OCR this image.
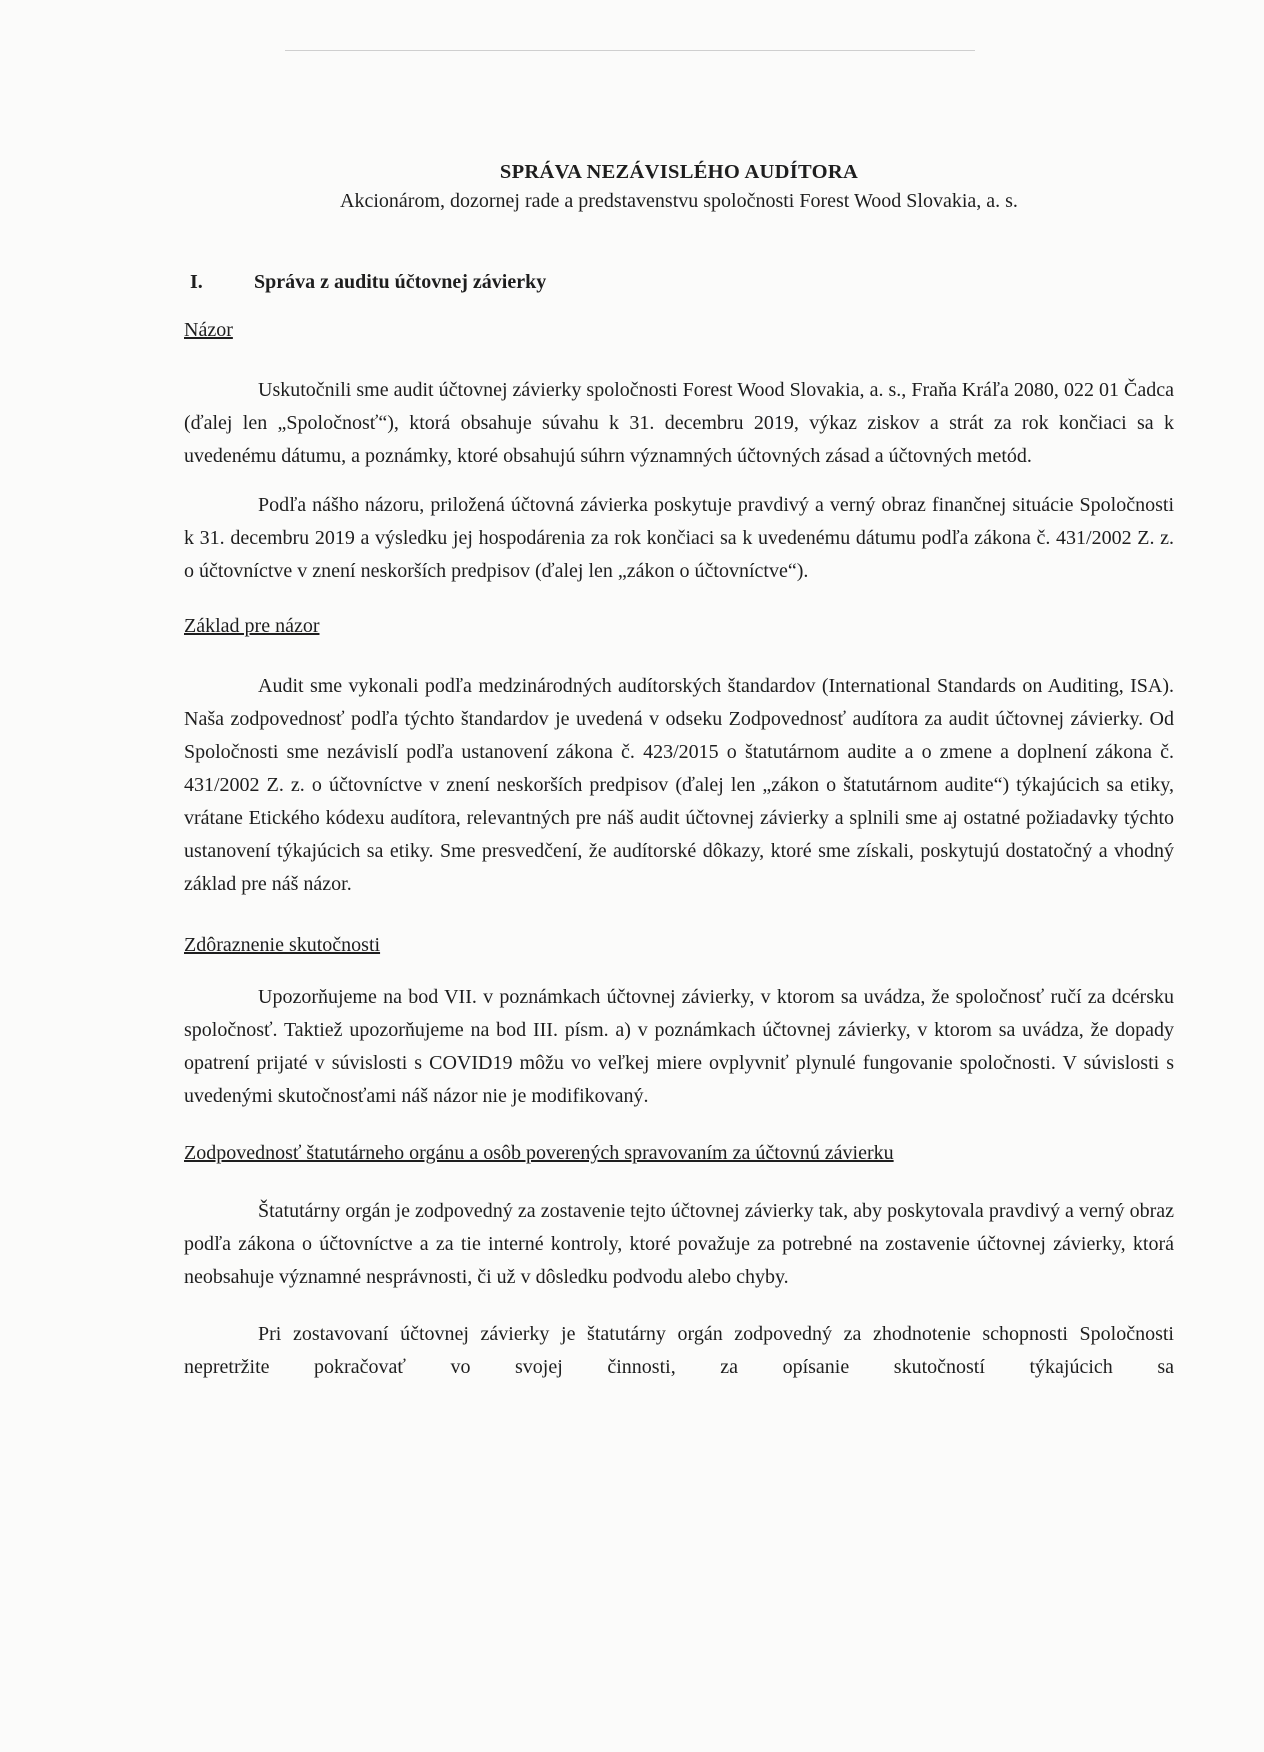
SPRÁVA NEZÁVISLÉHO AUDÍTORA
Akcionárom, dozornej rade a predstavenstvu spoločnosti Forest Wood Slovakia, a. s.
I.	Správa z auditu účtovnej závierky
Názor

Uskutočnili sme audit účtovnej závierky spoločnosti Forest Wood Slovakia, a. s., Fraňa Kráľa 2080, 022 01 Čadca (ďalej len „Spoločnosť“), ktorá obsahuje súvahu k 31. decembru 2019, výkaz ziskov a strát za rok končiaci sa k uvedenému dátumu, a poznámky, ktoré obsahujú súhrn významných účtovných zásad a účtovných metód.

Podľa nášho názoru, priložená účtovná závierka poskytuje pravdivý a verný obraz finančnej situácie Spoločnosti k 31. decembru 2019 a výsledku jej hospodárenia za rok končiaci sa k uvedenému dátumu podľa zákona č. 431/2002 Z. z. o účtovníctve v znení neskorších predpisov (ďalej len „zákon o účtovníctve“).

Základ pre názor

Audit sme vykonali podľa medzinárodných audítorských štandardov (International Standards on Auditing, ISA). Naša zodpovednosť podľa týchto štandardov je uvedená v odseku Zodpovednosť audítora za audit účtovnej závierky. Od Spoločnosti sme nezávislí podľa ustanovení zákona č. 423/2015 o štatutárnom audite a o zmene a doplnení zákona č. 431/2002 Z. z. o účtovníctve v znení neskorších predpisov (ďalej len „zákon o štatutárnom audite“) týkajúcich sa etiky, vrátane Etického kódexu audítora, relevantných pre náš audit účtovnej závierky a splnili sme aj ostatné požiadavky týchto ustanovení týkajúcich sa etiky. Sme presvedčení, že audítorské dôkazy, ktoré sme získali, poskytujú dostatočný a vhodný základ pre náš názor.

Zdôraznenie skutočnosti

Upozorňujeme na bod VII. v poznámkach účtovnej závierky, v ktorom sa uvádza, že spoločnosť ručí za dcérsku spoločnosť. Taktiež upozorňujeme na bod III. písm. a) v poznámkach účtovnej závierky, v ktorom sa uvádza, že dopady opatrení prijaté v súvislosti s COVID19 môžu vo veľkej miere ovplyvniť plynulé fungovanie spoločnosti. V súvislosti s uvedenými skutočnosťami náš názor nie je modifikovaný.

Zodpovednosť štatutárneho orgánu a osôb poverených spravovaním za účtovnú závierku

Štatutárny orgán je zodpovedný za zostavenie tejto účtovnej závierky tak, aby poskytovala pravdivý a verný obraz podľa zákona o účtovníctve a za tie interné kontroly, ktoré považuje za potrebné na zostavenie účtovnej závierky, ktorá neobsahuje významné nesprávnosti, či už v dôsledku podvodu alebo chyby.

Pri zostavovaní účtovnej závierky je štatutárny orgán zodpovedný za zhodnotenie schopnosti Spoločnosti nepretržite pokračovať vo svojej činnosti, za opísanie skutočností týkajúcich sa
